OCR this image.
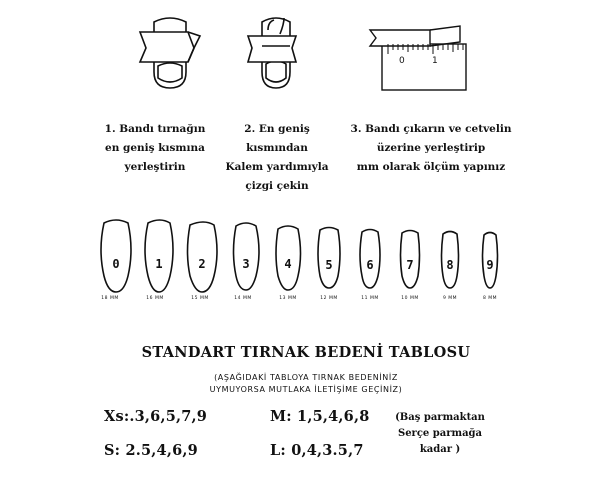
0	1
1. Bandı tırnağın
en geniş kısmına
yerleştirin
2. En geniş
kısmından
Kalem yardımıyla
çizgi çekin
3. Bandı çıkarın ve cetvelin
üzerine yerleştirip
mm olarak ölçüm yapınız
0	1	2	3	4	5	6	7	8	9
18 MM	16 MM	15 MM	14 MM	13 MM	12 MM	11 MM	10 MM	9 MM	8 MM
STANDART TIRNAK BEDENİ TABLOSU
(AŞAĞIDAKİ TABLOYA TIRNAK BEDENİNİZ
UYMUYORSA MUTLAKA İLETİŞİME GEÇİNİZ)
Xs:.3,6,5,7,9	M: 1,5,4,6,8
S: 2.5,4,6,9	L: 0,4,3.5,7
(Baş parmaktan
Serçe parmağa
kadar )
